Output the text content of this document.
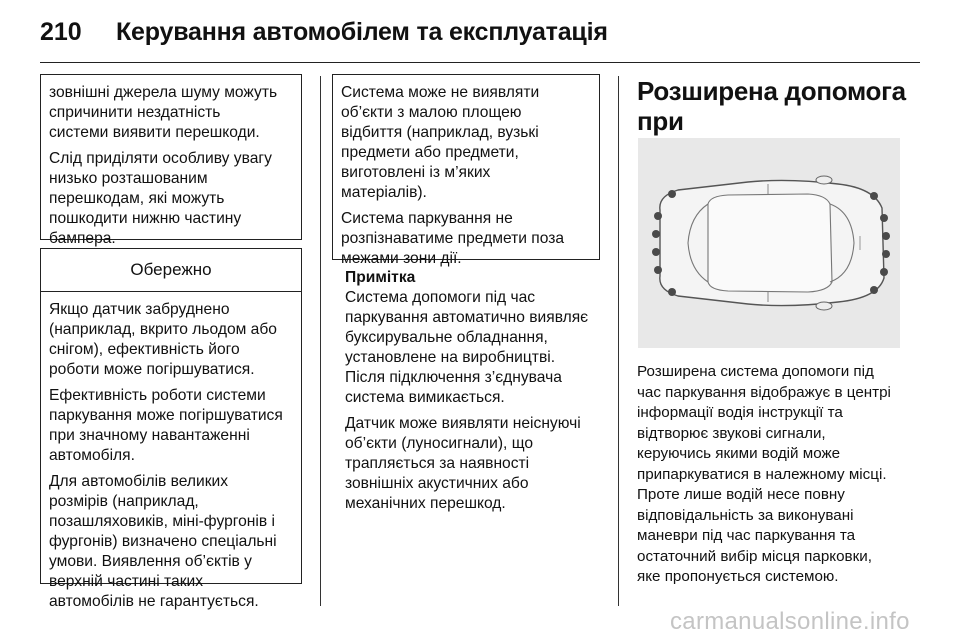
210 Керування автомобілем та експлуатація

зовнішні джерела шуму можуть
спричинити нездатність
системи виявити перешкоди.

Слід приділяти особливу увагу
низько розташованим
перешкодам, які можуть
пошкодити нижню частину
бампера.

Обережно

Якщо датчик забруднено
(наприклад, вкрито льодом або
снігом), ефективність його
роботи може погіршуватися.

Ефективність роботи системи
паркування може погіршуватися
при значному навантаженні
автомобіля.

Для автомобілів великих
розмірів (наприклад,
позашляховиків, міні-фургонів і
фургонів) визначено спеціальні
умови. Виявлення об’єктів у
верхній частині таких
автомобілів не гарантується.

Система може не виявляти
об’єкти з малою площею
відбиття (наприклад, вузькі
предмети або предмети,
виготовлені із м’яких
матеріалів).

Система паркування не
розпізнаватиме предмети поза
межами зони дії.

Примітка

Система допомоги під час
паркування автоматично виявляє
буксирувальне обладнання,
установлене на виробництві.
Після підключення з’єднувача
система вимикається.

Датчик може виявляти неіснуючі
об’єкти (луносигнали), що
трапляється за наявності
зовнішніх акустичних або
механічних перешкод.

Розширена допомога при

Розширена система допомоги під
час паркування відображує в центрі
інформації водія інструкції та
відтворює звукові сигнали,
керуючись якими водій може
припаркуватися в належному місці.
Проте лише водій несе повну
відповідальність за виконувані
маневри під час паркування та
остаточний вибір місця парковки,
яке пропонується системою.

carmanualsonline.info
